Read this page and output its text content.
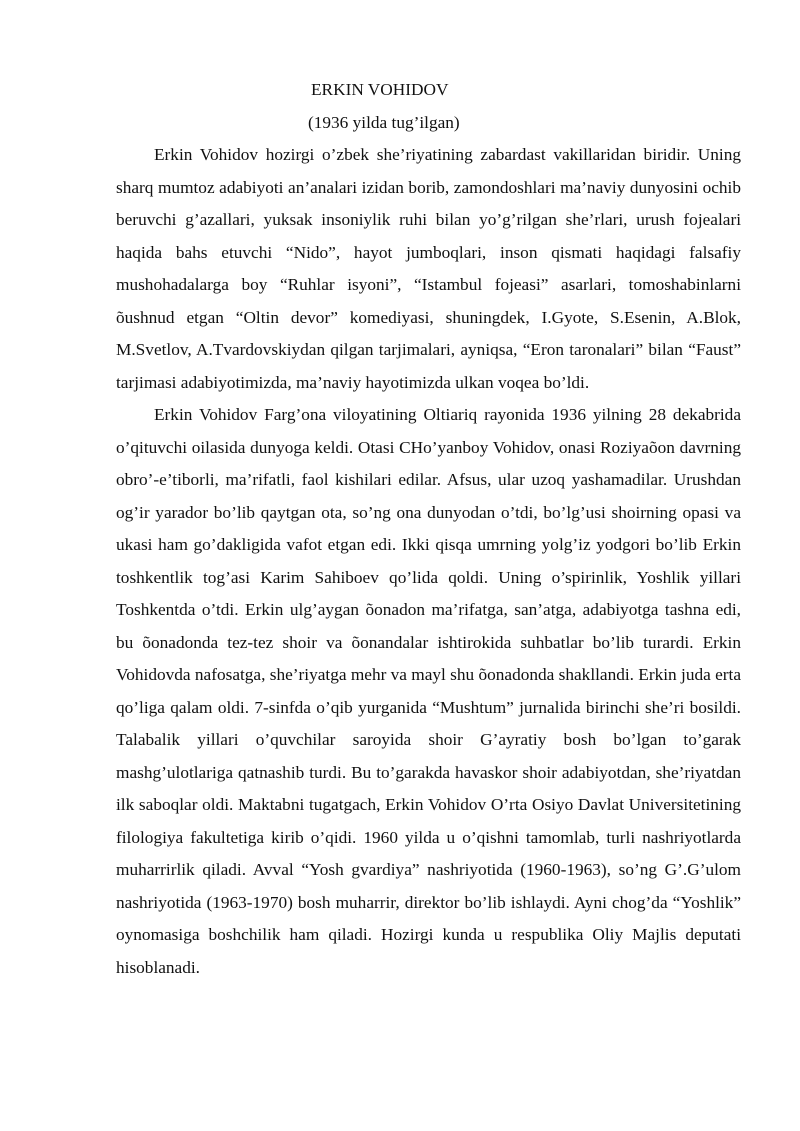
ERKIN VOHIDOV

(1936 yilda tug’ilgan)

Erkin Vohidov hozirgi o’zbek she’riyatining zabardast vakillaridan biridir. Uning sharq mumtoz adabiyoti an’analari izidan borib, zamondoshlari ma’naviy dunyosini ochib beruvchi g’azallari, yuksak insoniylik ruhi bilan yo’g’rilgan she’rlari, urush fojealari haqida bahs etuvchi “Nido”, hayot jumboqlari, inson qismati haqidagi falsafiy mushohadalarga boy “Ruhlar isyoni”, “Istambul fojeasi” asarlari, tomoshabinlarni õushnud etgan “Oltin devor” komediyasi, shuningdek, I.Gyote, S.Esenin, A.Blok, M.Svetlov, A.Tvardovskiydan qilgan tarjimalari, ayniqsa, “Eron taronalari” bilan “Faust” tarjimasi adabiyotimizda, ma’naviy hayotimizda ulkan voqea bo’ldi.

Erkin Vohidov Farg’ona viloyatining Oltiariq rayonida 1936 yilning 28 dekabrida o’qituvchi oilasida dunyoga keldi. Otasi CHo’yanboy Vohidov, onasi Roziyaõon davrning obro’-e’tiborli, ma’rifatli, faol kishilari edilar. Afsus, ular uzoq yashamadilar. Urushdan og’ir yarador bo’lib qaytgan ota, so’ng ona dunyodan o’tdi, bo’lg’usi shoirning opasi va ukasi ham go’dakligida vafot etgan edi. Ikki qisqa umrning yolg’iz yodgori bo’lib Erkin toshkentlik tog’asi Karim Sahiboev qo’lida qoldi. Uning o’spirinlik, Yoshlik yillari Toshkentda o’tdi. Erkin ulg’aygan õonadon ma’rifatga, san’atga, adabiyotga tashna edi, bu õonadonda tez-tez shoir va õonandalar ishtirokida suhbatlar bo’lib turardi. Erkin Vohidovda nafosatga, she’riyatga mehr va mayl shu õonadonda shakllandi. Erkin juda erta qo’liga qalam oldi. 7-sinfda o’qib yurganida “Mushtum” jurnalida birinchi she’ri bosildi. Talabalik yillari o’quvchilar saroyida shoir G’ayratiy bosh bo’lgan to’garak mashg’ulotlariga qatnashib turdi. Bu to’garakda havaskor shoir adabiyotdan, she’riyatdan ilk saboqlar oldi. Maktabni tugatgach, Erkin Vohidov O’rta Osiyo Davlat Universitetining filologiya fakultetiga kirib o’qidi. 1960 yilda u o’qishni tamomlab, turli nashriyotlarda muharrirlik qiladi. Avval “Yosh gvardiya” nashriyotida (1960-1963), so’ng G’.G’ulom nashriyotida (1963-1970) bosh muharrir, direktor bo’lib ishlaydi. Ayni chog’da “Yoshlik” oynomasiga boshchilik ham qiladi. Hozirgi kunda u respublika Oliy Majlis deputati hisoblanadi.
